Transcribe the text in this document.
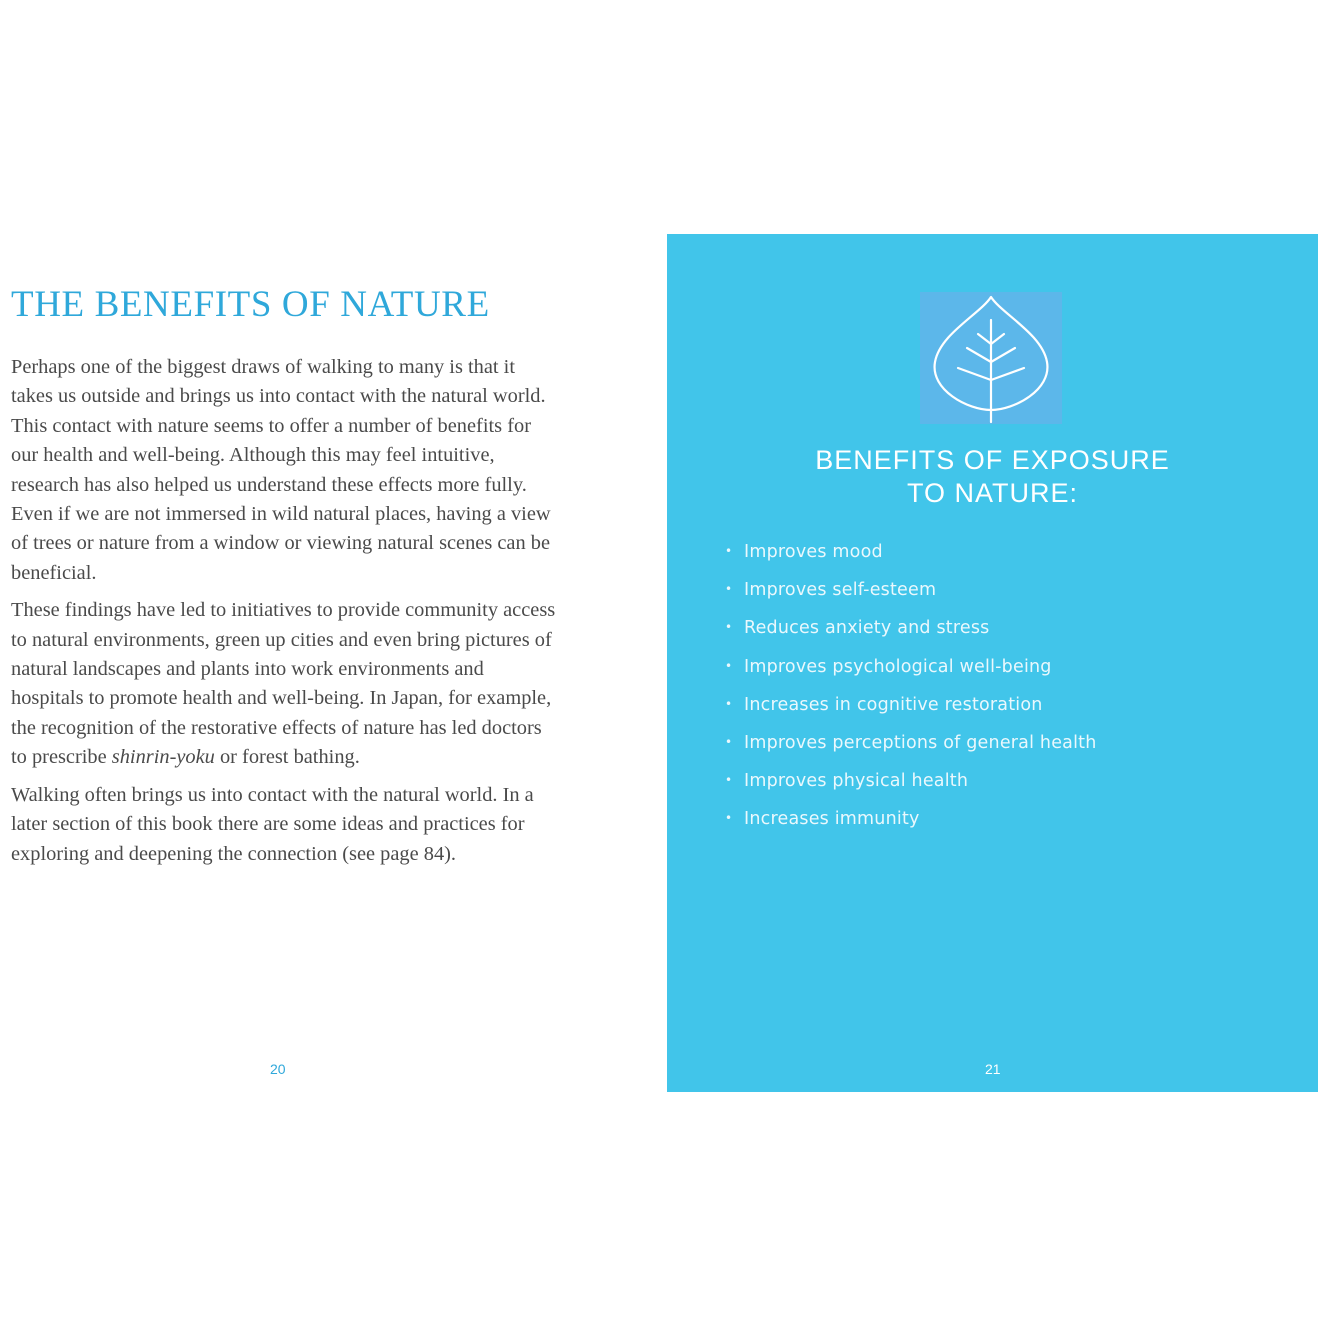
THE BENEFITS OF NATURE

Perhaps one of the biggest draws of walking to many is that it takes us outside and brings us into contact with the natural world. This contact with nature seems to offer a number of benefits for our health and well-being. Although this may feel intuitive, research has also helped us understand these effects more fully. Even if we are not immersed in wild natural places, having a view of trees or nature from a window or viewing natural scenes can be beneficial.

These findings have led to initiatives to provide community access to natural environments, green up cities and even bring pictures of natural landscapes and plants into work environments and hospitals to promote health and well-being. In Japan, for example, the recognition of the restorative effects of nature has led doctors to prescribe shinrin-yoku or forest bathing.

Walking often brings us into contact with the natural world. In a later section of this book there are some ideas and practices for exploring and deepening the connection (see page 84).

20
BENEFITS OF EXPOSURE
TO NATURE:
• Improves mood
• Improves self-esteem
• Reduces anxiety and stress
• Improves psychological well-being
• Increases in cognitive restoration
• Improves perceptions of general health
• Improves physical health
• Increases immunity
21
